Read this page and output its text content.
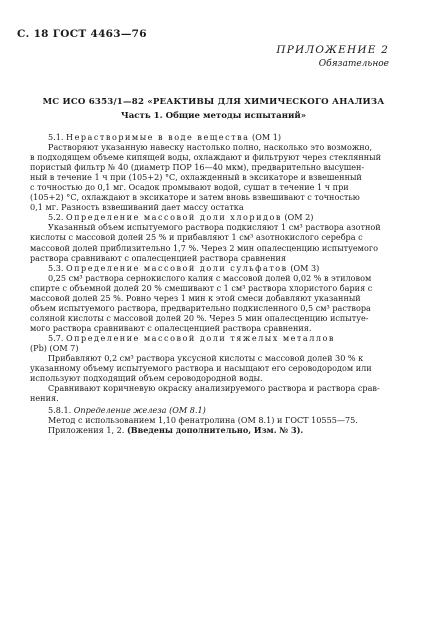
С. 18 ГОСТ 4463—76
ПРИЛОЖЕНИЕ 2
Обязательное
МС ИСО 6353/1—82 «РЕАКТИВЫ ДЛЯ ХИМИЧЕСКОГО АНАЛИЗА
Часть 1. Общие методы испытаний»
5.1. Нерастворимые в воде вещества (ОМ 1)
Растворяют указанную навеску настолько полно, насколько это возможно,
в подходящем объеме кипящей воды, охлаждают и фильтруют через стеклянный
пористый фильтр № 40 (диаметр ПОР 16—40 мкм), предварительно высушен-
ный в течение 1 ч при (105+2) °С, охлажденный в эксикаторе и взвешенный
с точностью до 0,1 мг. Осадок промывают водой, сушат в течение 1 ч при
(105+2) °С, охлаждают в эксикаторе и затем вновь взвешивают с точностью
0,1 мг. Разность взвешиваний дает массу остатка
5.2. Определение массовой доли хлоридов (ОМ 2)
Указанный объем испытуемого раствора подкисляют 1 см³ раствора азотной
кислоты с массовой долей 25 % и прибавляют 1 см³ азотнокислого серебра с
массовой долей приблизительно 1,7 %. Через 2 мин опалесценцию испытуемого
раствора сравнивают с опалесценцией раствора сравнения
5.3. Определение массовой доли сульфатов (ОМ 3)
0,25 см³ раствора сернокислого калия с массовой долей 0,02 % в этиловом
спирте с объемной долей 20 % смешивают с 1 см³ раствора хлористого бария с
массовой долей 25 %. Ровно через 1 мин к этой смеси добавляют указанный
объем испытуемого раствора, предварительно подкисленного 0,5 см³ раствора
соляной кислоты с массовой долей 20 %. Через 5 мин опалесценцию испытуе-
мого раствора сравнивают с опалесценцией раствора сравнения.
5.7. Определение массовой доли тяжелых металлов
(Pb) (ОМ 7)
Прибавляют 0,2 см³ раствора уксусной кислоты с массовой долей 30 % к
указанному объему испытуемого раствора и насыщают его сероводородом или
используют подходящий объем сероводородной воды.
Сравнивают коричневую окраску анализируемого раствора и раствора срав-
нения.
5.8.1. Определение железа (ОМ 8.1)
Метод с использованием 1,10 фенатролина (ОМ 8.1) и ГОСТ 10555—75.
Приложения 1, 2. (Введены дополнительно, Изм. № 3).
